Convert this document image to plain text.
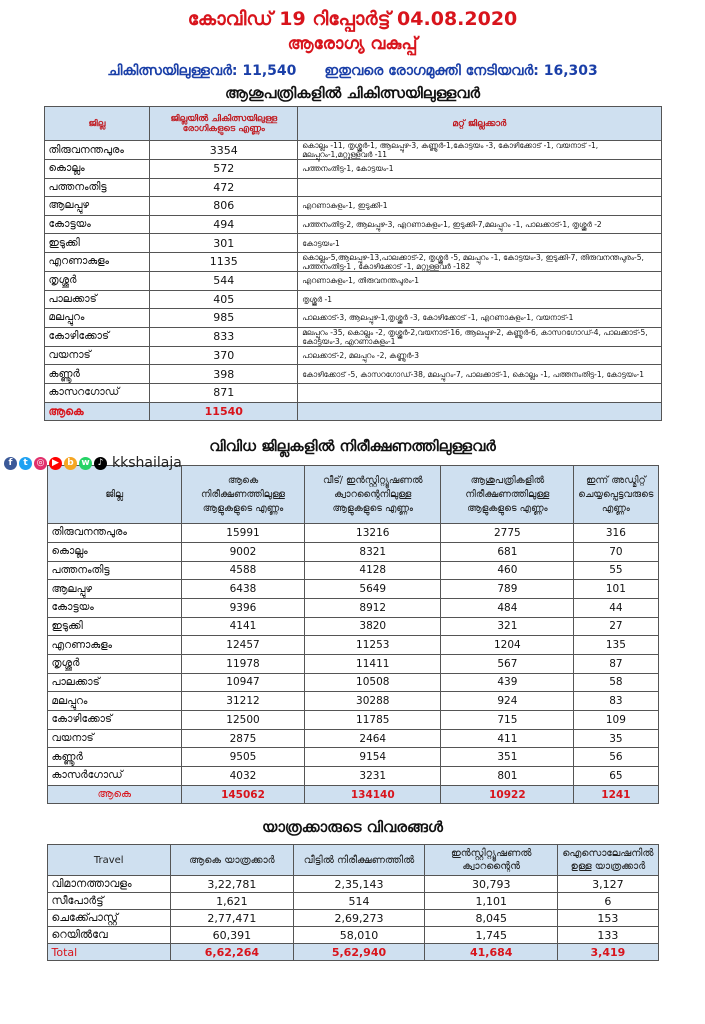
കോവിഡ് 19 റിപ്പോർട്ട് 04.08.2020
ആരോഗ്യ വകുപ്പ്
ചികിത്സയിലുള്ളവർ: 11,540 ഇതുവരെ രോഗമുക്തി നേടിയവർ: 16,303
ആശുപത്രികളിൽ ചികിത്സയിലുള്ളവർ
ജില്ല	ജില്ലയിൽ ചികിത്സയിലുള്ള രോഗികളുടെ എണ്ണം	മറ്റ് ജില്ലക്കാർ
തിരുവനന്തപുരം	3354	കൊല്ലം -11, തൃശ്ശൂർ-1, ആലപ്പുഴ-3, കണ്ണൂർ-1,കോട്ടയം -3, കോഴിക്കോട് -1, വയനാട് -1, മലപ്പുറം-1,മറ്റുള്ളവർ -11
കൊല്ലം	572	പത്തനംതിട്ട-1, കോട്ടയം-1
പത്തനംതിട്ട	472	
ആലപ്പുഴ	806	എറണാകുളം-1, ഇടുക്കി-1
കോട്ടയം	494	പത്തനംതിട്ട-2, ആലപ്പുഴ-3, എറണാകുളം-1, ഇടുക്കി-7,മലപ്പുറം -1, പാലക്കാട്-1, തൃശ്ശൂർ -2
ഇടുക്കി	301	കോട്ടയം-1
എറണാകുളം	1135	കൊല്ലം-5,ആലപ്പുഴ-13,പാലക്കാട്-2, തൃശ്ശൂർ -5, മലപ്പുറം -1, കോട്ടയം-3, ഇടുക്കി-7, തിരുവനന്തപുരം-5, പത്തനംതിട്ട-1 , കോഴിക്കോട് -1, മറ്റുള്ളവർ -182
തൃശ്ശൂർ	544	എറണാകുളം-1, തിരുവനന്തപുരം-1
പാലക്കാട്	405	തൃശ്ശൂർ -1
മലപ്പുറം	985	പാലക്കാട്-3, ആലപ്പുഴ-1,തൃശ്ശൂർ -3, കോഴിക്കോട് -1, എറണാകുളം-1, വയനാട്-1
കോഴിക്കോട്	833	മലപ്പുറം -35, കൊല്ലം -2, തൃശ്ശൂർ-2,വയനാട്-16, ആലപ്പുഴ-2, കണ്ണൂർ-6, കാസറഗോഡ്-4, പാലക്കാട്-5, കോട്ടയം-3, എറണാകുളം-1
വയനാട്	370	പാലക്കാട്-2, മലപ്പുറം -2, കണ്ണൂർ-3
കണ്ണൂർ	398	കോഴിക്കോട് -5, കാസറഗോഡ്-38, മലപ്പുറം-7, പാലക്കാട്-1, കൊല്ലം -1, പത്തനംതിട്ട-1, കോട്ടയം-1
കാസറഗോഡ്	871	
ആകെ	11540	
f	t ◎ ▶ b w ♪ kkshailaja
വിവിധ ജില്ലകളിൽ നിരീക്ഷണത്തിലുള്ളവർ
ജില്ല	ആകെ നിരീക്ഷണത്തിലുള്ള ആളുകളുടെ എണ്ണം	വീട്/ ഇൻസ്റ്റിറ്റ്യൂഷണൽ ക്വാറന്റൈനിലുള്ള ആളുകളുടെ എണ്ണം	ആശുപത്രികളിൽ നിരീക്ഷണത്തിലുള്ള ആളുകളുടെ എണ്ണം	ഇന്ന് അഡ്മിറ്റ് ചെയ്യപ്പെട്ടവരുടെ എണ്ണം
തിരുവനന്തപുരം	15991	13216	2775	316
കൊല്ലം	9002	8321	681	70
പത്തനംതിട്ട	4588	4128	460	55
ആലപ്പുഴ	6438	5649	789	101
കോട്ടയം	9396	8912	484	44
ഇടുക്കി	4141	3820	321	27
എറണാകുളം	12457	11253	1204	135
തൃശ്ശൂർ	11978	11411	567	87
പാലക്കാട്	10947	10508	439	58
മലപ്പുറം	31212	30288	924	83
കോഴിക്കോട്	12500	11785	715	109
വയനാട്	2875	2464	411	35
കണ്ണൂർ	9505	9154	351	56
കാസർഗോഡ്	4032	3231	801	65
ആകെ	145062	134140	10922	1241
യാത്രക്കാരുടെ വിവരങ്ങൾ
Travel	ആകെ യാത്രക്കാർ	വീട്ടിൽ നിരീക്ഷണത്തിൽ	ഇൻസ്റ്റിറ്റ്യൂഷണൽ ക്വാറന്റൈൻ	ഐസൊലേഷനിൽ ഉള്ള യാത്രക്കാർ
വിമാനത്താവളം	3,22,781	2,35,143	30,793	3,127
സീപോർട്ട്	1,621	514	1,101	6
ചെക്ക്പോസ്റ്റ്	2,77,471	2,69,273	8,045	153
റെയിൽവേ	60,391	58,010	1,745	133
Total	6,62,264	5,62,940	41,684	3,419
